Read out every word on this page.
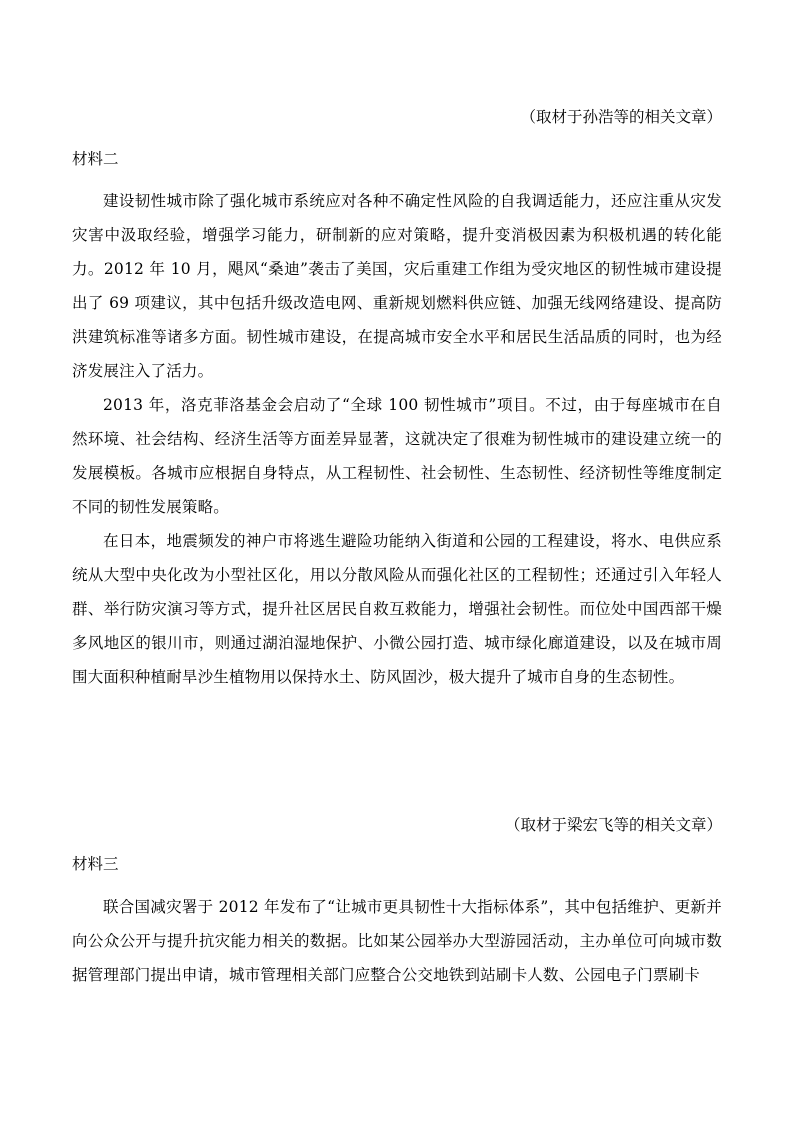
（取材于孙浩等的相关文章）
材料二

建设韧性城市除了强化城市系统应对各种不确定性风险的自我调适能力，还应注重从灾发灾害中汲取经验，增强学习能力，研制新的应对策略，提升变消极因素为积极机遇的转化能力。2012 年 10 月，飓风“桑迪”袭击了美国，灾后重建工作组为受灾地区的韧性城市建设提出了 69 项建议，其中包括升级改造电网、重新规划燃料供应链、加强无线网络建设、提高防洪建筑标准等诸多方面。韧性城市建设，在提高城市安全水平和居民生活品质的同时，也为经济发展注入了活力。

2013 年，洛克菲洛基金会启动了“全球 100 韧性城市”项目。不过，由于每座城市在自然环境、社会结构、经济生活等方面差异显著，这就决定了很难为韧性城市的建设建立统一的发展模板。各城市应根据自身特点，从工程韧性、社会韧性、生态韧性、经济韧性等维度制定不同的韧性发展策略。

在日本，地震频发的神户市将逃生避险功能纳入街道和公园的工程建设，将水、电供应系统从大型中央化改为小型社区化，用以分散风险从而强化社区的工程韧性；还通过引入年轻人群、举行防灾演习等方式，提升社区居民自救互救能力，增强社会韧性。而位处中国西部干燥多风地区的银川市，则通过湖泊湿地保护、小微公园打造、城市绿化廊道建设，以及在城市周围大面积种植耐旱沙生植物用以保持水土、防风固沙，极大提升了城市自身的生态韧性。

（取材于梁宏飞等的相关文章）
材料三

联合国减灾署于 2012 年发布了“让城市更具韧性十大指标体系”，其中包括维护、更新并向公众公开与提升抗灾能力相关的数据。比如某公园举办大型游园活动，主办单位可向城市数据管理部门提出申请，城市管理相关部门应整合公交地铁到站刷卡人数、公园电子门票刷卡
